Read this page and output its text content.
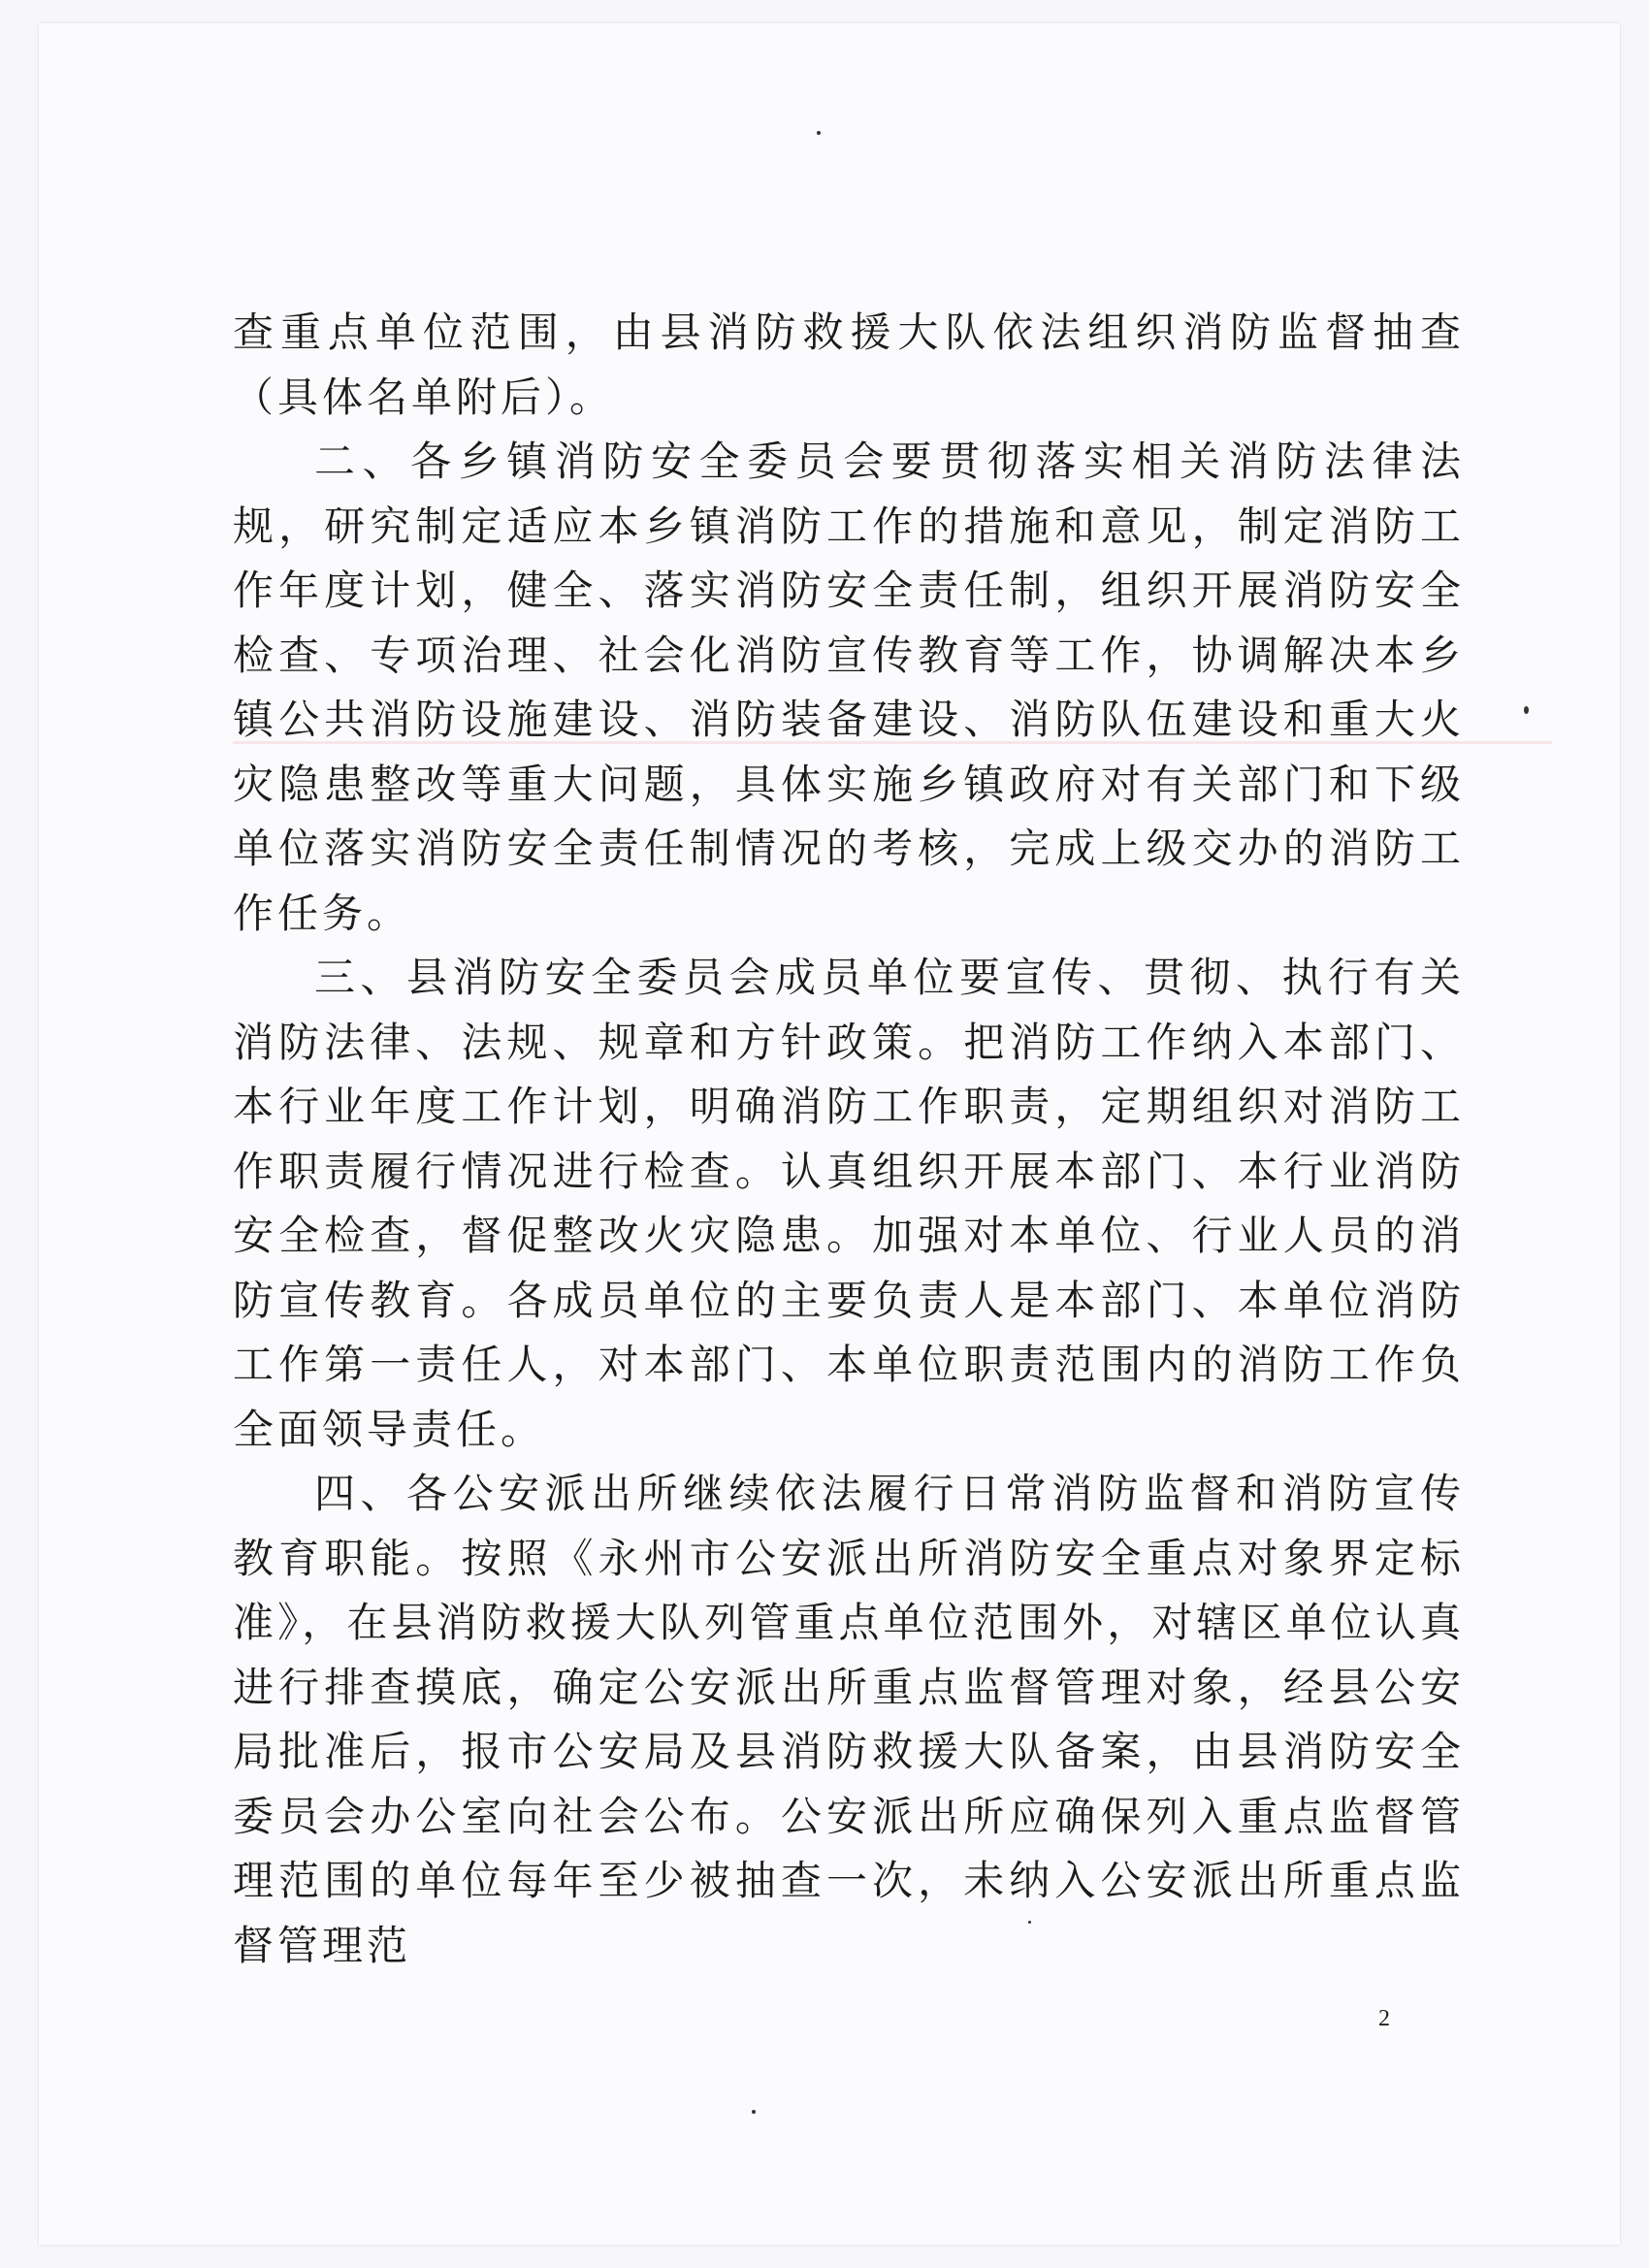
查重点单位范围，由县消防救援大队依法组织消防监督抽查（具体名单附后）。

二、各乡镇消防安全委员会要贯彻落实相关消防法律法规，研究制定适应本乡镇消防工作的措施和意见，制定消防工作年度计划，健全、落实消防安全责任制，组织开展消防安全检查、专项治理、社会化消防宣传教育等工作，协调解决本乡镇公共消防设施建设、消防装备建设、消防队伍建设和重大火灾隐患整改等重大问题，具体实施乡镇政府对有关部门和下级单位落实消防安全责任制情况的考核，完成上级交办的消防工作任务。

三、县消防安全委员会成员单位要宣传、贯彻、执行有关消防法律、法规、规章和方针政策。把消防工作纳入本部门、本行业年度工作计划，明确消防工作职责，定期组织对消防工作职责履行情况进行检查。认真组织开展本部门、本行业消防安全检查，督促整改火灾隐患。加强对本单位、行业人员的消防宣传教育。各成员单位的主要负责人是本部门、本单位消防工作第一责任人，对本部门、本单位职责范围内的消防工作负全面领导责任。

四、各公安派出所继续依法履行日常消防监督和消防宣传教育职能。按照《永州市公安派出所消防安全重点对象界定标准》，在县消防救援大队列管重点单位范围外，对辖区单位认真进行排查摸底，确定公安派出所重点监督管理对象，经县公安局批准后，报市公安局及县消防救援大队备案，由县消防安全委员会办公室向社会公布。公安派出所应确保列入重点监督管理范围的单位每年至少被抽查一次，未纳入公安派出所重点监督管理范

2
